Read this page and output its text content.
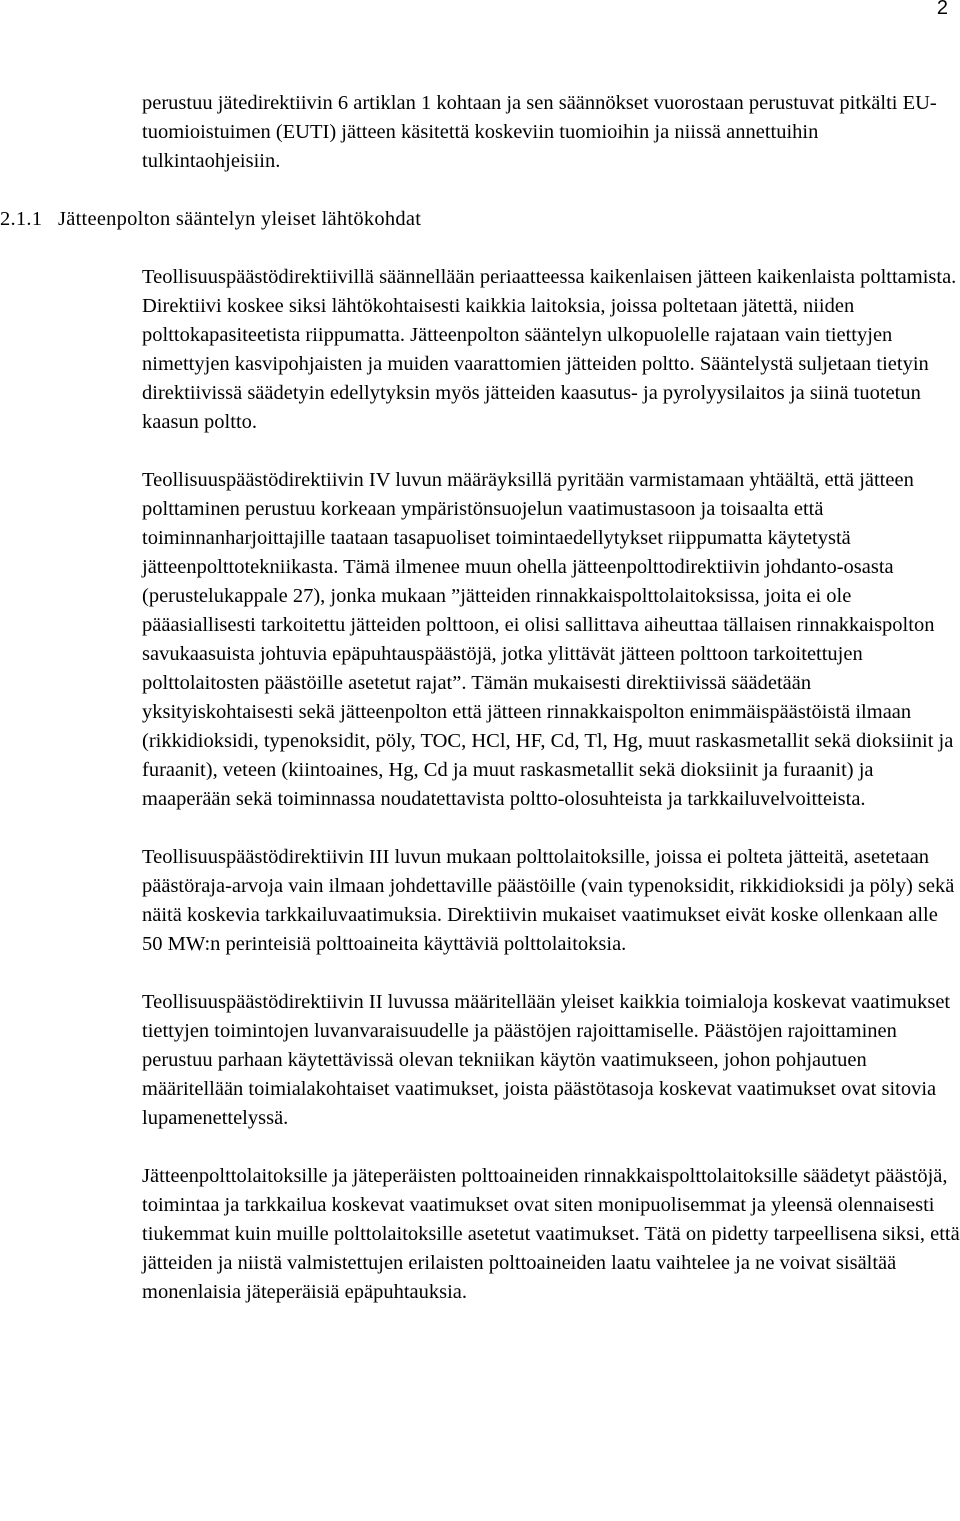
2

perustuu jätedirektiivin 6 artiklan 1 kohtaan ja sen säännökset vuorostaan perustuvat pitkälti EU-tuomioistuimen (EUTI) jätteen käsitettä koskeviin tuomioihin ja niissä annettuihin tulkintaohjeisiin.

2.1.1 Jätteenpolton sääntelyn yleiset lähtökohdat

Teollisuuspäästödirektiivillä säännellään periaatteessa kaikenlaisen jätteen kaikenlaista polttamista. Direktiivi koskee siksi lähtökohtaisesti kaikkia laitoksia, joissa poltetaan jätettä, niiden polttokapasiteetista riippumatta. Jätteenpolton sääntelyn ulkopuolelle rajataan vain tiettyjen nimettyjen kasvipohjaisten ja muiden vaarattomien jätteiden poltto. Sääntelystä suljetaan tietyin direktiivissä säädetyin edellytyksin myös jätteiden kaasutus- ja pyrolyysilaitos ja siinä tuotetun kaasun poltto.

Teollisuuspäästödirektiivin IV luvun määräyksillä pyritään varmistamaan yhtäältä, että jätteen polttaminen perustuu korkeaan ympäristönsuojelun vaatimustasoon ja toisaalta että toiminnanharjoittajille taataan tasapuoliset toimintaedellytykset riippumatta käytetystä jätteenpolttotekniikasta. Tämä ilmenee muun ohella jätteenpolttodirektiivin johdanto-osasta (perustelukappale 27), jonka mukaan ”jätteiden rinnakkaispolttolaitoksissa, joita ei ole pääasiallisesti tarkoitettu jätteiden polttoon, ei olisi sallittava aiheuttaa tällaisen rinnakkaispolton savukaasuista johtuvia epäpuhtauspäästöjä, jotka ylittävät jätteen polttoon tarkoitettujen polttolaitosten päästöille asetetut rajat”. Tämän mukaisesti direktiivissä säädetään yksityiskohtaisesti sekä jätteenpolton että jätteen rinnakkaispolton enimmäispäästöistä ilmaan (rikkidioksidi, typenoksidit, pöly, TOC, HCl, HF, Cd, Tl, Hg, muut raskasmetallit sekä dioksiinit ja furaanit), veteen (kiintoaines, Hg, Cd ja muut raskasmetallit sekä dioksiinit ja furaanit) ja maaperään sekä toiminnassa noudatettavista poltto-olosuhteista ja tarkkailuvelvoitteista.

Teollisuuspäästödirektiivin III luvun mukaan polttolaitoksille, joissa ei polteta jätteitä, asetetaan päästöraja-arvoja vain ilmaan johdettaville päästöille (vain typenoksidit, rikkidioksidi ja pöly) sekä näitä koskevia tarkkailuvaatimuksia. Direktiivin mukaiset vaatimukset eivät koske ollenkaan alle 50 MW:n perinteisiä polttoaineita käyttäviä polttolaitoksia.

Teollisuuspäästödirektiivin II luvussa määritellään yleiset kaikkia toimialoja koskevat vaatimukset tiettyjen toimintojen luvanvaraisuudelle ja päästöjen rajoittamiselle. Päästöjen rajoittaminen perustuu parhaan käytettävissä olevan tekniikan käytön vaatimukseen, johon pohjautuen määritellään toimialakohtaiset vaatimukset, joista päästötasoja koskevat vaatimukset ovat sitovia lupamenettelyssä.

Jätteenpolttolaitoksille ja jäteperäisten polttoaineiden rinnakkaispolttolaitoksille säädetyt päästöjä, toimintaa ja tarkkailua koskevat vaatimukset ovat siten monipuolisemmat ja yleensä olennaisesti tiukemmat kuin muille polttolaitoksille asetetut vaatimukset. Tätä on pidetty tarpeellisena siksi, että jätteiden ja niistä valmistettujen erilaisten polttoaineiden laatu vaihtelee ja ne voivat sisältää monenlaisia jäteperäisiä epäpuhtauksia.
